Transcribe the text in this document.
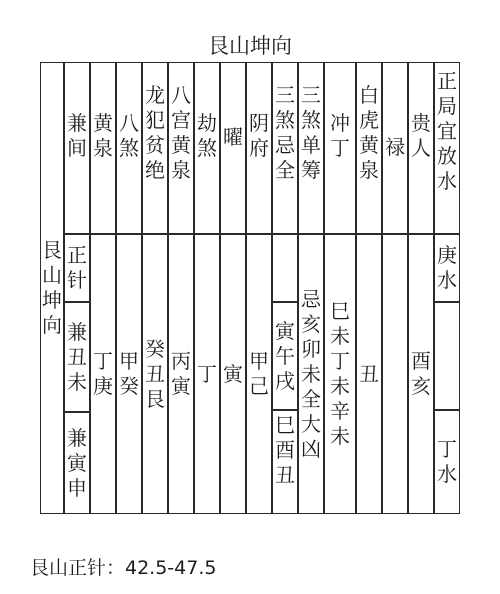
艮山坤向
艮山坤向
兼间
黄泉
八煞
龙犯贫绝
八宫黄泉
劫煞 曜
阴府
三煞忌全
三煞单筹
冲丁
白虎黄泉
禄
贵人
正局宜放水
正针
兼丑未
兼寅申
丁庚
甲癸
癸丑艮
丙寅
丁 寅
甲己
寅午戌
巳酉丑
忌亥卯未全大凶
巳未丁未辛未
丑
酉亥
庚水
丁水
艮山正针：42.5-47.5
